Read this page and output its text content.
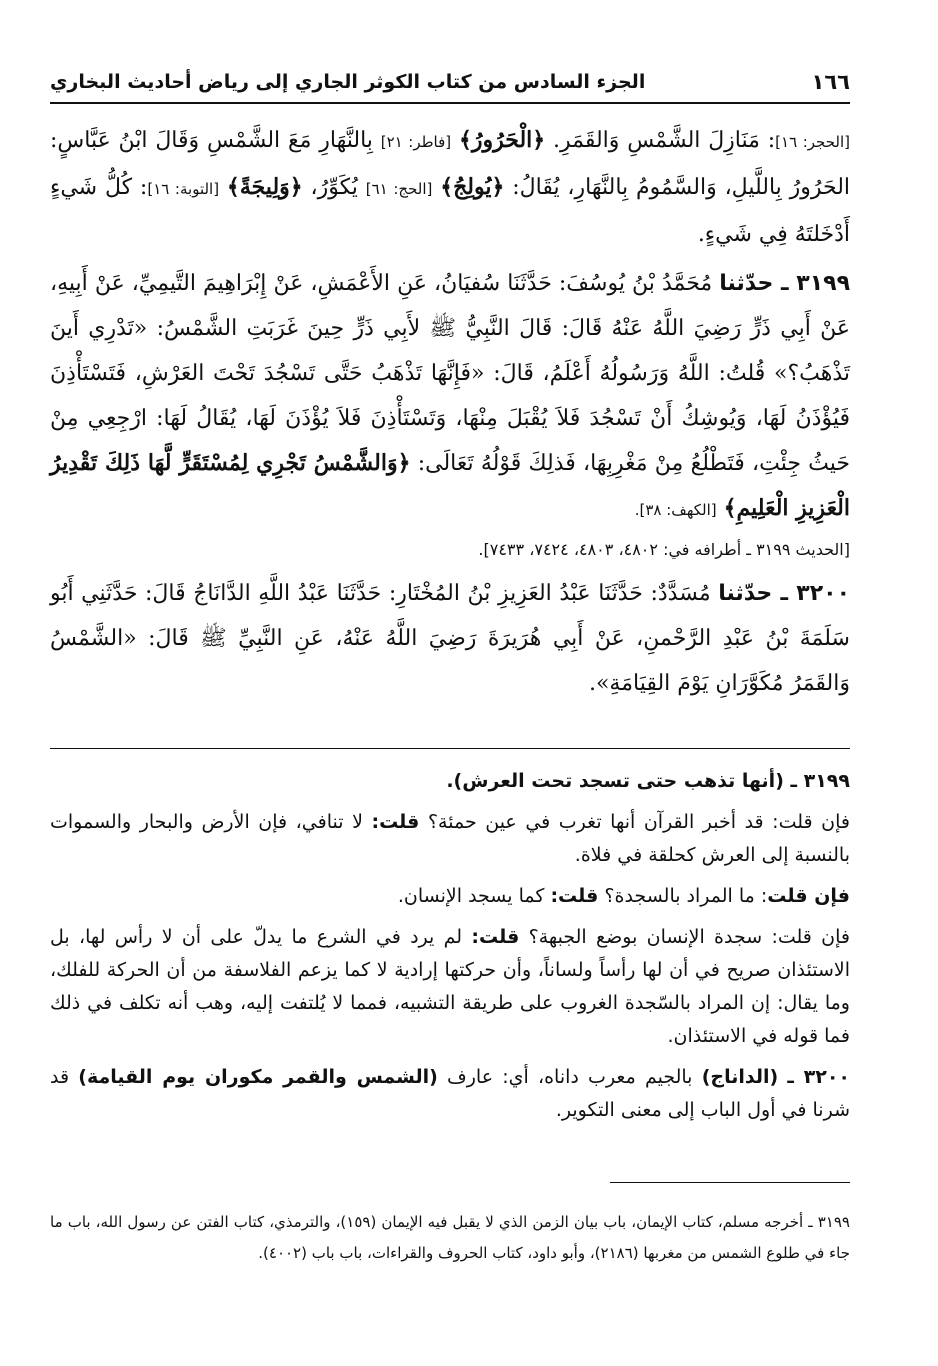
١٦٦
الجزء السادس من كتاب الكوثر الجاري إلى رياض أحاديث البخاري

[الحجر: ١٦]: مَنَازِلَ الشَّمْسِ وَالقَمَرِ. ﴿الْحَرُورُ﴾ [فاطر: ٢١] بِالنَّهَارِ مَعَ الشَّمْسِ وَقَالَ ابْنُ عَبَّاسٍ: الحَرُورُ بِاللَّيلِ، وَالسَّمُومُ بِالنَّهَارِ، يُقَالُ: ﴿يُولِجُ﴾ [الحج: ٦١] يُكَوِّرُ، ﴿وَلِيجَةً﴾ [التوبة: ١٦]: كُلُّ شَيءٍ أَدْخَلتَهُ فِي شَيءٍ.

٣١٩٩ ـ حدّثنا مُحَمَّدُ بْنُ يُوسُفَ: حَدَّثَنَا سُفيَانُ، عَنِ الأَعْمَشِ، عَنْ إِبْرَاهِيمَ التَّيمِيِّ، عَنْ أَبِيهِ، عَنْ أَبِي ذَرٍّ رَضِيَ اللَّهُ عَنْهُ قَالَ: قَالَ النَّبِيُّ ﷺ لأَبِي ذَرٍّ حِينَ غَرَبَتِ الشَّمْسُ: «تَدْرِي أَينَ تَذْهَبُ؟» قُلتُ: اللَّهُ وَرَسُولُهُ أَعْلَمُ، قَالَ: «فَإِنَّهَا تَذْهَبُ حَتَّى تَسْجُدَ تَحْتَ العَرْشِ، فَتَسْتَأْذِنَ فَيُؤْذَنُ لَهَا، وَيُوشِكُ أَنْ تَسْجُدَ فَلاَ يُقْبَلَ مِنْهَا، وَتَسْتَأْذِنَ فَلاَ يُؤْذَنَ لَهَا، يُقَالُ لَهَا: ارْجِعِي مِنْ حَيثُ جِئْتِ، فَتَطْلُعُ مِنْ مَغْرِبِهَا، فَذلِكَ قَوْلُهُ تَعَالَى: ﴿وَالشَّمْسُ تَجْرِي لِمُسْتَقَرٍّ لَّهَا ذَلِكَ تَقْدِيرُ الْعَزِيزِ الْعَلِيمِ﴾ [الكهف: ٣٨].

[الحديث ٣١٩٩ ـ أطرافه في: ٤٨٠٢، ٤٨٠٣، ٧٤٢٤، ٧٤٣٣].

٣٢٠٠ ـ حدّثنا مُسَدَّدٌ: حَدَّثَنَا عَبْدُ العَزِيزِ بْنُ المُخْتَارِ: حَدَّثَنَا عَبْدُ اللَّهِ الدَّانَاجُ قَالَ: حَدَّثَنِي أَبُو سَلَمَةَ بْنُ عَبْدِ الرَّحْمنِ، عَنْ أَبِي هُرَيرَةَ رَضِيَ اللَّهُ عَنْهُ، عَنِ النَّبِيِّ ﷺ قَالَ: «الشَّمْسُ وَالقَمَرُ مُكَوَّرَانِ يَوْمَ القِيَامَةِ».

٣١٩٩ ـ (أنها تذهب حتى تسجد تحت العرش).

فإن قلت: قد أخبر القرآن أنها تغرب في عين حمئة؟ قلت: لا تنافي، فإن الأرض والبحار والسموات بالنسبة إلى العرش كحلقة في فلاة.

فإن قلت: ما المراد بالسجدة؟ قلت: كما يسجد الإنسان.

فإن قلت: سجدة الإنسان بوضع الجبهة؟ قلت: لم يرد في الشرع ما يدلّ على أن لا رأس لها، بل الاستئذان صريح في أن لها رأساً ولساناً، وأن حركتها إرادية لا كما يزعم الفلاسفة من أن الحركة للفلك، وما يقال: إن المراد بالسّجدة الغروب على طريقة التشبيه، فمما لا يُلتفت إليه، وهب أنه تكلف في ذلك فما قوله في الاستئذان.

٣٢٠٠ ـ (الداناج) بالجيم معرب داناه، أي: عارف (الشمس والقمر مكوران يوم القيامة) قد شرنا في أول الباب إلى معنى التكوير.

٣١٩٩ ـ أخرجه مسلم، كتاب الإيمان، باب بيان الزمن الذي لا يقبل فيه الإيمان (١٥٩)، والترمذي، كتاب الفتن عن رسول الله، باب ما جاء في طلوع الشمس من مغربها (٢١٨٦)، وأبو داود، كتاب الحروف والقراءات، باب باب (٤٠٠٢).
